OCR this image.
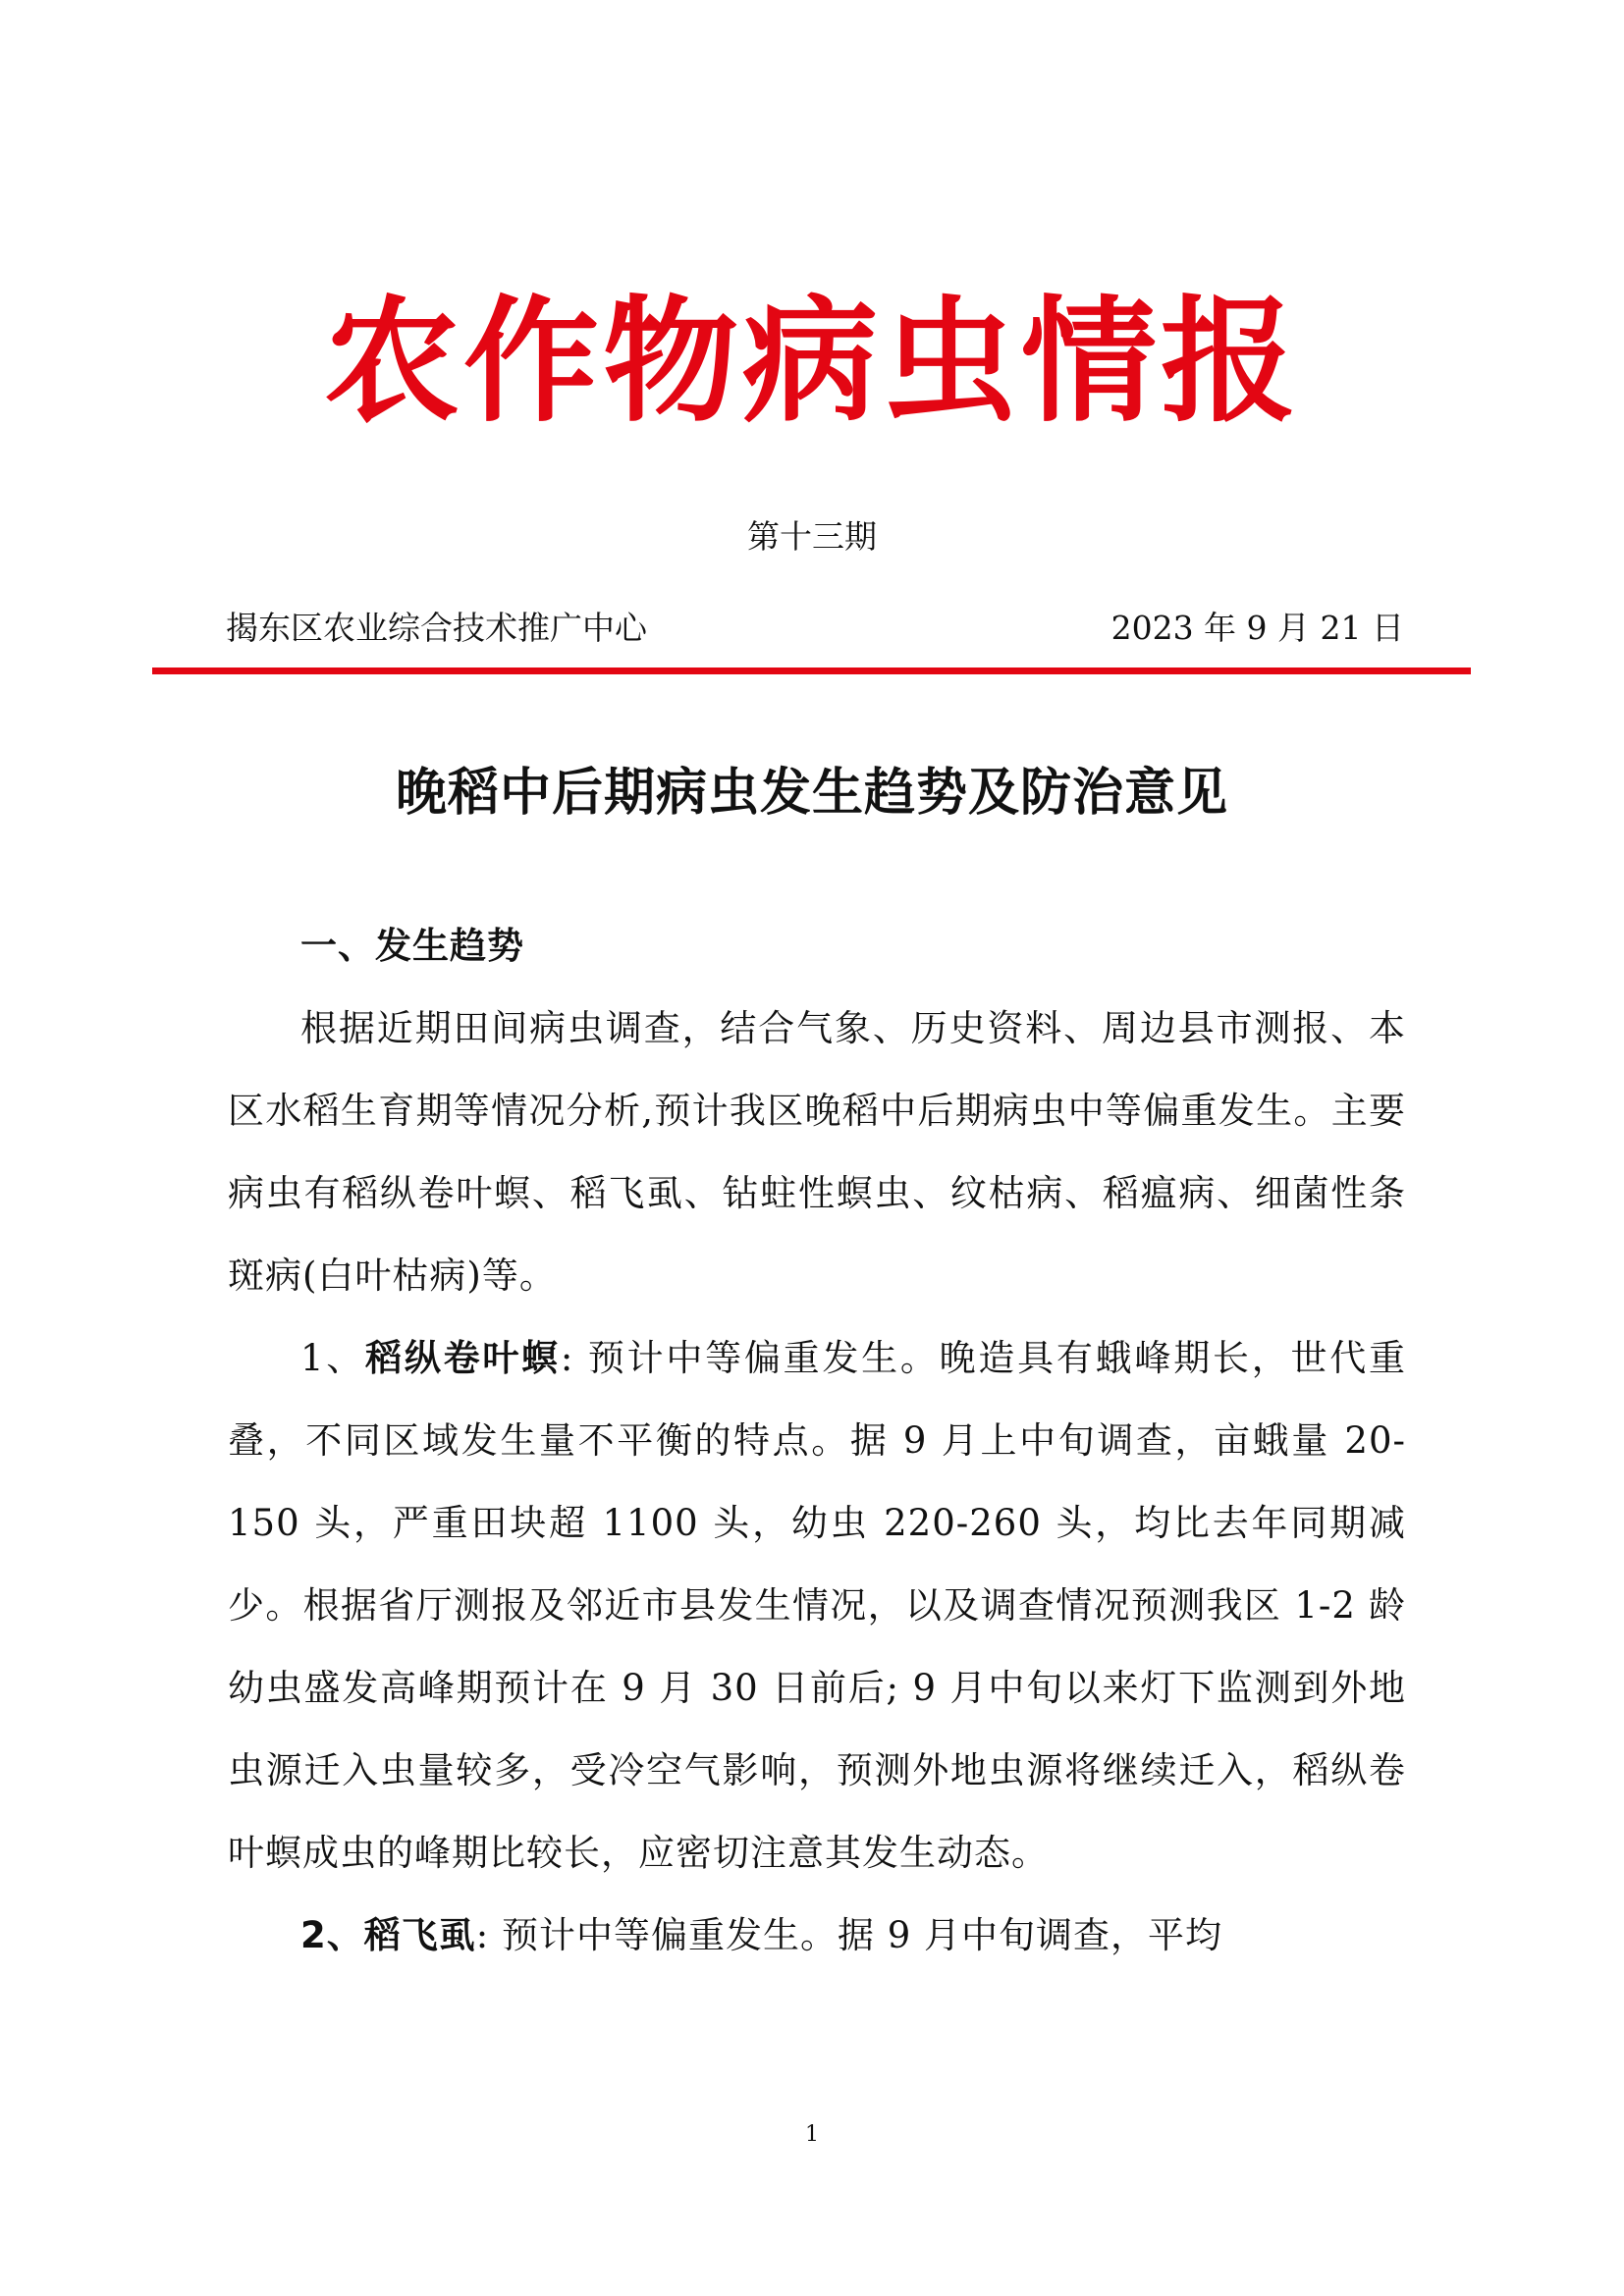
农作物病虫情报
第十三期
揭东区农业综合技术推广中心	2023 年 9 月 21 日
晚稻中后期病虫发生趋势及防治意见
一、发生趋势

根据近期田间病虫调查，结合气象、历史资料、周边县市测报、本区水稻生育期等情况分析,预计我区晚稻中后期病虫中等偏重发生。主要病虫有稻纵卷叶螟、稻飞虱、钻蛀性螟虫、纹枯病、稻瘟病、细菌性条斑病(白叶枯病)等。

1、稻纵卷叶螟: 预计中等偏重发生。晚造具有蛾峰期长，世代重叠，不同区域发生量不平衡的特点。据 9 月上中旬调查，亩蛾量 20-150 头，严重田块超 1100 头，幼虫 220-260 头，均比去年同期减少。根据省厅测报及邻近市县发生情况，以及调查情况预测我区 1-2 龄幼虫盛发高峰期预计在 9 月 30 日前后; 9 月中旬以来灯下监测到外地虫源迁入虫量较多，受冷空气影响，预测外地虫源将继续迁入，稻纵卷叶螟成虫的峰期比较长，应密切注意其发生动态。

2、稻飞虱: 预计中等偏重发生。据 9 月中旬调查，平均

1
